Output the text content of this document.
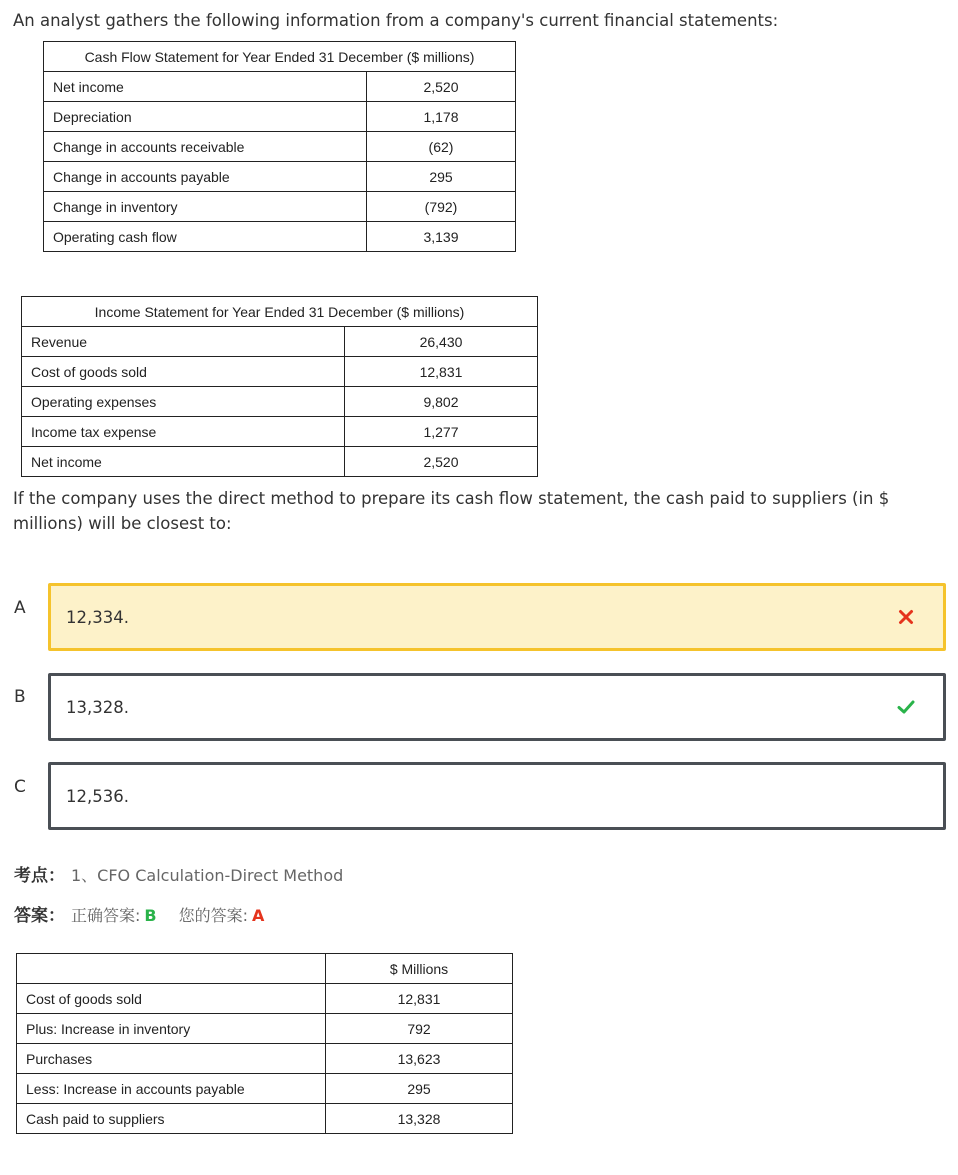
An analyst gathers the following information from a company's current financial statements:
Cash Flow Statement for Year Ended 31 December ($ millions)	
Net income	2,520
Depreciation	1,178
Change in accounts receivable	(62)
Change in accounts payable	295
Change in inventory	(792)
Operating cash flow	3,139
Income Statement for Year Ended 31 December ($ millions)	
Revenue	26,430
Cost of goods sold	12,831
Operating expenses	9,802
Income tax expense	1,277
Net income	2,520
If the company uses the direct method to prepare its cash flow statement, the cash paid to suppliers (in $ millions) will be closest to:
A 12,334.
B 13,328.
C 12,536.
考点： 1、CFO Calculation-Direct Method
答案： 正确答案: B 您的答案: A
	$ Millions
Cost of goods sold	12,831
Plus: Increase in inventory	792
Purchases	13,623
Less: Increase in accounts payable	295
Cash paid to suppliers	13,328
